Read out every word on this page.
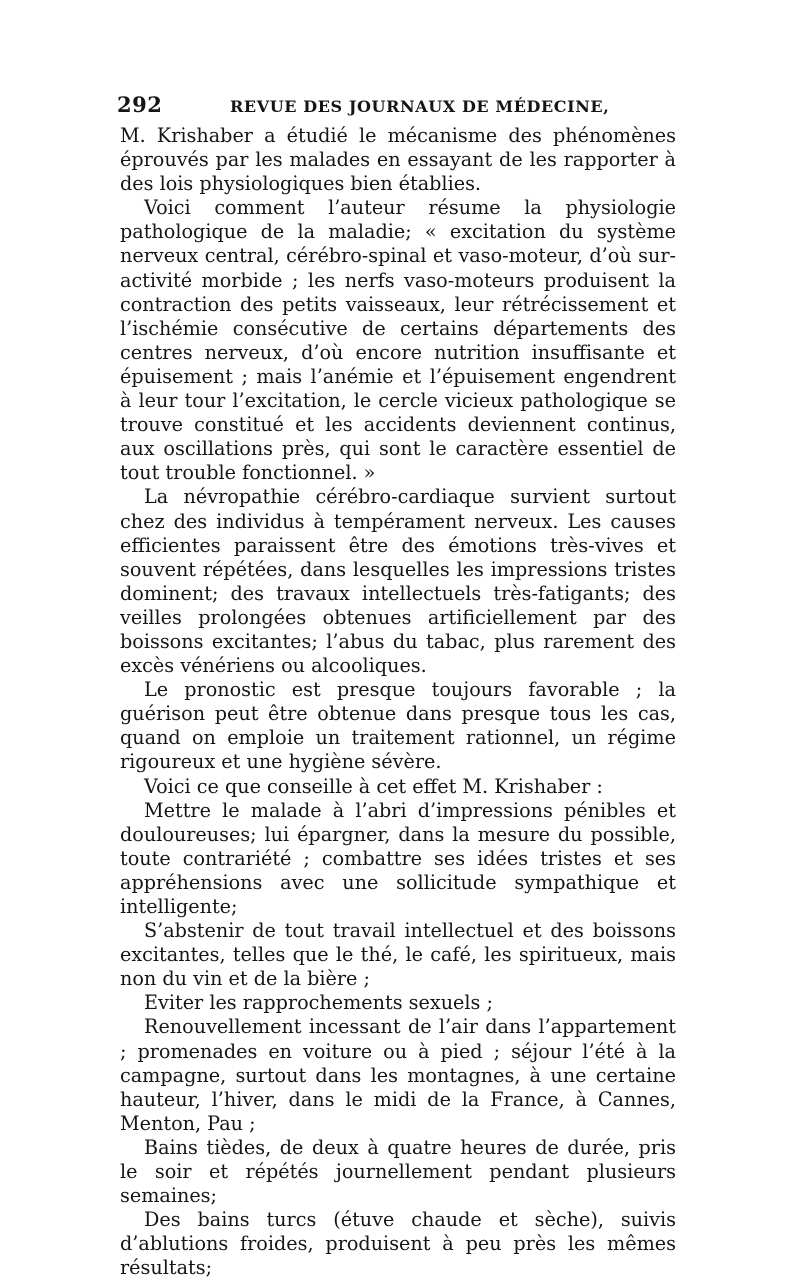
292	REVUE DES JOURNAUX DE MÉDECINE,

M. Krishaber a étudié le mécanisme des phénomènes éprouvés par les malades en essayant de les rapporter à des lois physiologiques bien établies.

Voici comment l’auteur résume la physiologie pathologique de la maladie; « excitation du système nerveux central, cérébro-spinal et vaso-moteur, d’où sur-activité morbide ; les nerfs vaso-moteurs produisent la contraction des petits vaisseaux, leur rétrécissement et l’ischémie consécutive de certains départements des centres nerveux, d’où encore nutrition insuffisante et épuisement ; mais l’anémie et l’épuisement engendrent à leur tour l’excitation, le cercle vicieux pathologique se trouve constitué et les accidents deviennent continus, aux oscillations près, qui sont le caractère essentiel de tout trouble fonctionnel. »

La névropathie cérébro-cardiaque survient surtout chez des individus à tempérament nerveux. Les causes efficientes paraissent être des émotions très-vives et souvent répétées, dans lesquelles les impressions tristes dominent; des travaux intellectuels très-fatigants; des veilles prolongées obtenues artificiellement par des boissons excitantes; l’abus du tabac, plus rarement des excès vénériens ou alcooliques.

Le pronostic est presque toujours favorable ; la guérison peut être obtenue dans presque tous les cas, quand on emploie un traitement rationnel, un régime rigoureux et une hygiène sévère.

Voici ce que conseille à cet effet M. Krishaber :

Mettre le malade à l’abri d’impressions pénibles et douloureuses; lui épargner, dans la mesure du possible, toute contrariété ; combattre ses idées tristes et ses appréhensions avec une sollicitude sympathique et intelligente;

S’abstenir de tout travail intellectuel et des boissons excitantes, telles que le thé, le café, les spiritueux, mais non du vin et de la bière ;

Eviter les rapprochements sexuels ;

Renouvellement incessant de l’air dans l’appartement ; promenades en voiture ou à pied ; séjour l’été à la campagne, surtout dans les montagnes, à une certaine hauteur, l’hiver, dans le midi de la France, à Cannes, Menton, Pau ;

Bains tièdes, de deux à quatre heures de durée, pris le soir et répétés journellement pendant plusieurs semaines;

Des bains turcs (étuve chaude et sèche), suivis d’ablutions froides, produisent à peu près les mêmes résultats;
